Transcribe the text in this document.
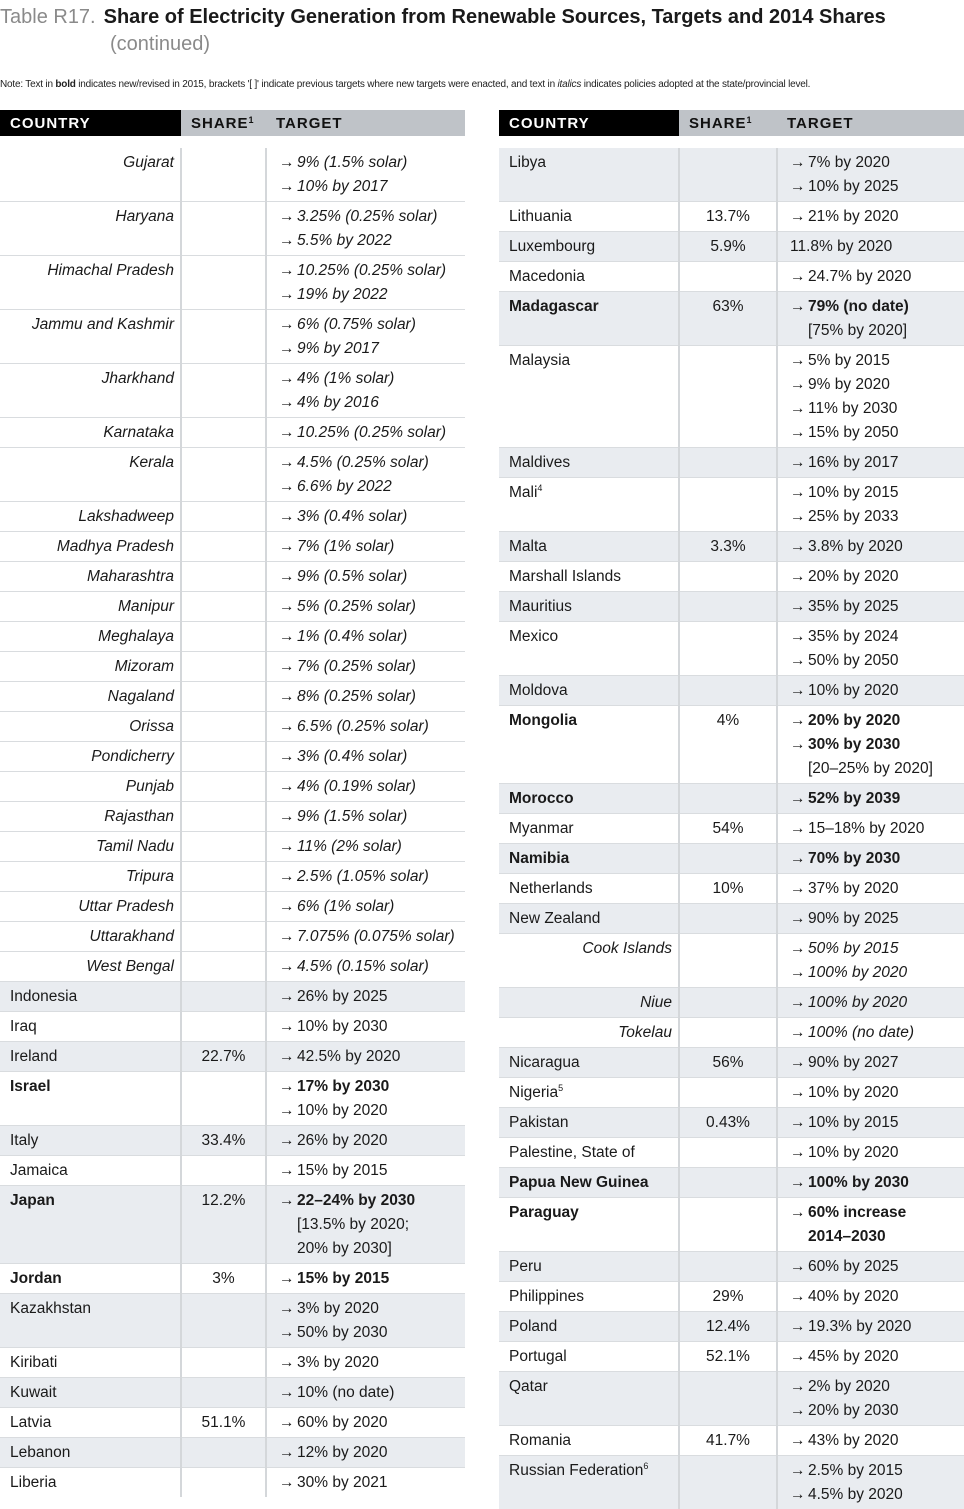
Table R17. Share of Electricity Generation from Renewable Sources, Targets and 2014 Shares
(continued)
Note: Text in bold indicates new/revised in 2015, brackets '[ ]' indicate previous targets where new targets were enacted, and text in italics indicates policies adopted at the state/provincial level.
COUNTRY	SHARE$^1$	TARGET

Gujarat		→ 9% (1.5% solar)
→ 10% by 2017

Haryana		→ 3.25% (0.25% solar)
→ 5.5% by 2022

Himachal Pradesh		→ 10.25% (0.25% solar)
→ 19% by 2022

Jammu and Kashmir		→ 6% (0.75% solar)
→ 9% by 2017

Jharkhand		→ 4% (1% solar)
→ 4% by 2016

Karnataka		→ 10.25% (0.25% solar)

Kerala		→ 4.5% (0.25% solar)
→ 6.6% by 2022

Lakshadweep		→ 3% (0.4% solar)

Madhya Pradesh		→ 7% (1% solar)

Maharashtra		→ 9% (0.5% solar)

Manipur		→ 5% (0.25% solar)

Meghalaya		→ 1% (0.4% solar)

Mizoram		→ 7% (0.25% solar)

Nagaland		→ 8% (0.25% solar)

Orissa		→ 6.5% (0.25% solar)

Pondicherry		→ 3% (0.4% solar)

Punjab		→ 4% (0.19% solar)

Rajasthan		→ 9% (1.5% solar)

Tamil Nadu		→ 11% (2% solar)

Tripura		→ 2.5% (1.05% solar)

Uttar Pradesh		→ 6% (1% solar)

Uttarakhand		→ 7.075% (0.075% solar)

West Bengal		→ 4.5% (0.15% solar)

Indonesia		→ 26% by 2025

Iraq		→ 10% by 2030

Ireland	22.7%	→ 42.5% by 2020

Israel		→ 17% by 2030
→ 10% by 2020

Italy	33.4%	→ 26% by 2020

Jamaica		→ 15% by 2015

Japan	12.2%	→ 22–24% by 2030
[13.5% by 2020;
20% by 2030]

Jordan	3%	→ 15% by 2015

Kazakhstan		→ 3% by 2020
→ 50% by 2030

Kiribati		→ 3% by 2020

Kuwait		→ 10% (no date)

Latvia	51.1%	→ 60% by 2020

Lebanon		→ 12% by 2020

Liberia		→ 30% by 2021
COUNTRY	SHARE$^1$	TARGET

Libya		→ 7% by 2020
→ 10% by 2025

Lithuania	13.7%	→ 21% by 2020

Luxembourg	5.9%	11.8% by 2020

Macedonia		→ 24.7% by 2020

Madagascar	63%	→ 79% (no date)
[75% by 2020]

Malaysia		→ 5% by 2015
→ 9% by 2020
→ 11% by 2030
→ 15% by 2050

Maldives		→ 16% by 2017

Mali$^4$		→ 10% by 2015
→ 25% by 2033

Malta	3.3%	→ 3.8% by 2020

Marshall Islands		→ 20% by 2020

Mauritius		→ 35% by 2025

Mexico		→ 35% by 2024
→ 50% by 2050

Moldova		→ 10% by 2020

Mongolia	4%	→ 20% by 2020
→ 30% by 2030
[20–25% by 2020]

Morocco		→ 52% by 2039

Myanmar	54%	→ 15–18% by 2020

Namibia		→ 70% by 2030

Netherlands	10%	→ 37% by 2020

New Zealand		→ 90% by 2025

Cook Islands		→ 50% by 2015
→ 100% by 2020

Niue		→ 100% by 2020

Tokelau		→ 100% (no date)

Nicaragua	56%	→ 90% by 2027

Nigeria$^5$		→ 10% by 2020

Pakistan	0.43%	→ 10% by 2015

Palestine, State of		→ 10% by 2020

Papua New Guinea		→ 100% by 2030

Paraguay		→ 60% increase
2014–2030

Peru		→ 60% by 2025

Philippines	29%	→ 40% by 2020

Poland	12.4%	→ 19.3% by 2020

Portugal	52.1%	→ 45% by 2020

Qatar		→ 2% by 2020
→ 20% by 2030

Romania	41.7%	→ 43% by 2020

Russian Federation$^6$		→ 2.5% by 2015
→ 4.5% by 2020
